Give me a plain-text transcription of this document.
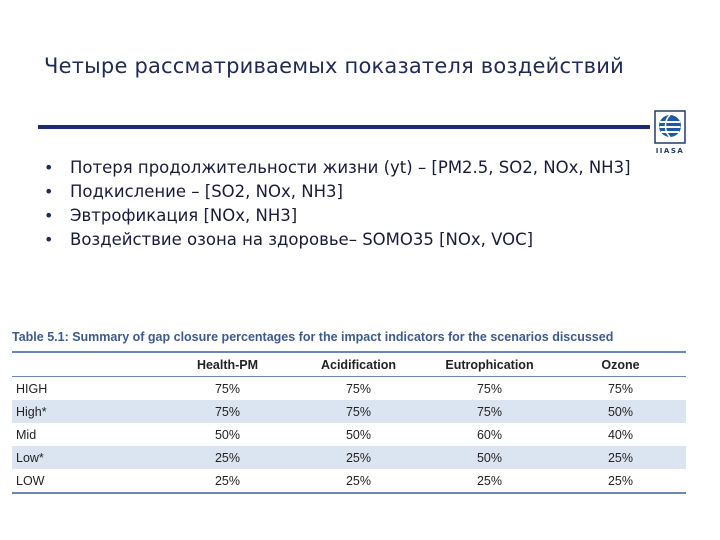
Четыре рассматриваемых показателя воздействий
IIASA
•	Потеря продолжительности жизни (yt) – [PM2.5, SO2, NOx, NH3]
•	Подкисление – [SO2, NOx, NH3]
•	Эвтрофикация [NOx, NH3]
•	Воздействие озона на здоровье– SOMO35 [NOx, VOC]
Table 5.1: Summary of gap closure percentages for the impact indicators for the scenarios discussed
	Health-PM	Acidification	Eutrophication	Ozone
HIGH	75%	75%	75%	75%
High*	75%	75%	75%	50%
Mid	50%	50%	60%	40%
Low*	25%	25%	50%	25%
LOW	25%	25%	25%	25%
